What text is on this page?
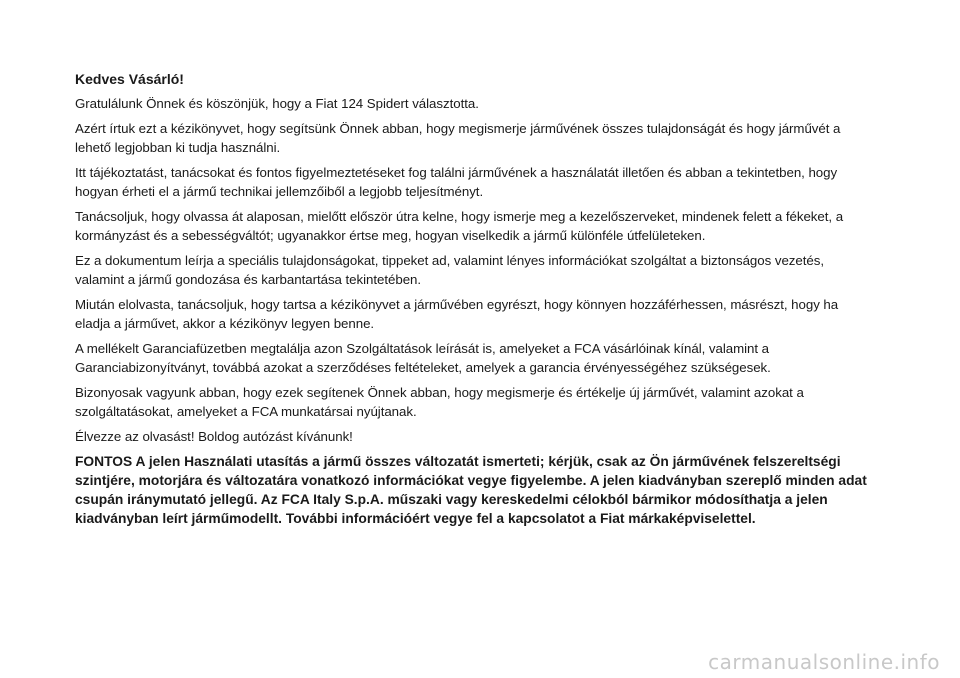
Kedves Vásárló!

Gratulálunk Önnek és köszönjük, hogy a Fiat 124 Spidert választotta.

Azért írtuk ezt a kézikönyvet, hogy segítsünk Önnek abban, hogy megismerje járművének összes tulajdonságát és hogy járművét a lehető legjobban ki tudja használni.

Itt tájékoztatást, tanácsokat és fontos figyelmeztetéseket fog találni járművének a használatát illetően és abban a tekintetben, hogy hogyan érheti el a jármű technikai jellemzőiből a legjobb teljesítményt.

Tanácsoljuk, hogy olvassa át alaposan, mielőtt először útra kelne, hogy ismerje meg a kezelőszerveket, mindenek felett a fékeket, a kormányzást és a sebességváltót; ugyanakkor értse meg, hogyan viselkedik a jármű különféle útfelületeken.

Ez a dokumentum leírja a speciális tulajdonságokat, tippeket ad, valamint lényes információkat szolgáltat a biztonságos vezetés, valamint a jármű gondozása és karbantartása tekintetében.

Miután elolvasta, tanácsoljuk, hogy tartsa a kézikönyvet a járművében egyrészt, hogy könnyen hozzáférhessen, másrészt, hogy ha eladja a járművet, akkor a kézikönyv legyen benne.

A mellékelt Garanciafüzetben megtalálja azon Szolgáltatások leírását is, amelyeket a FCA vásárlóinak kínál, valamint a Garanciabizonyítványt, továbbá azokat a szerződéses feltételeket, amelyek a garancia érvényességéhez szükségesek.

Bizonyosak vagyunk abban, hogy ezek segítenek Önnek abban, hogy megismerje és értékelje új járművét, valamint azokat a szolgáltatásokat, amelyeket a FCA munkatársai nyújtanak.

Élvezze az olvasást! Boldog autózást kívánunk!

FONTOS A jelen Használati utasítás a jármű összes változatát ismerteti; kérjük, csak az Ön járművének felszereltségi szintjére, motorjára és változatára vonatkozó információkat vegye figyelembe. A jelen kiadványban szereplő minden adat csupán iránymutató jellegű. Az FCA Italy S.p.A. műszaki vagy kereskedelmi célokból bármikor módosíthatja a jelen kiadványban leírt járműmodellt. További információért vegye fel a kapcsolatot a Fiat márkaképviselettel.

carmanualsonline.info
